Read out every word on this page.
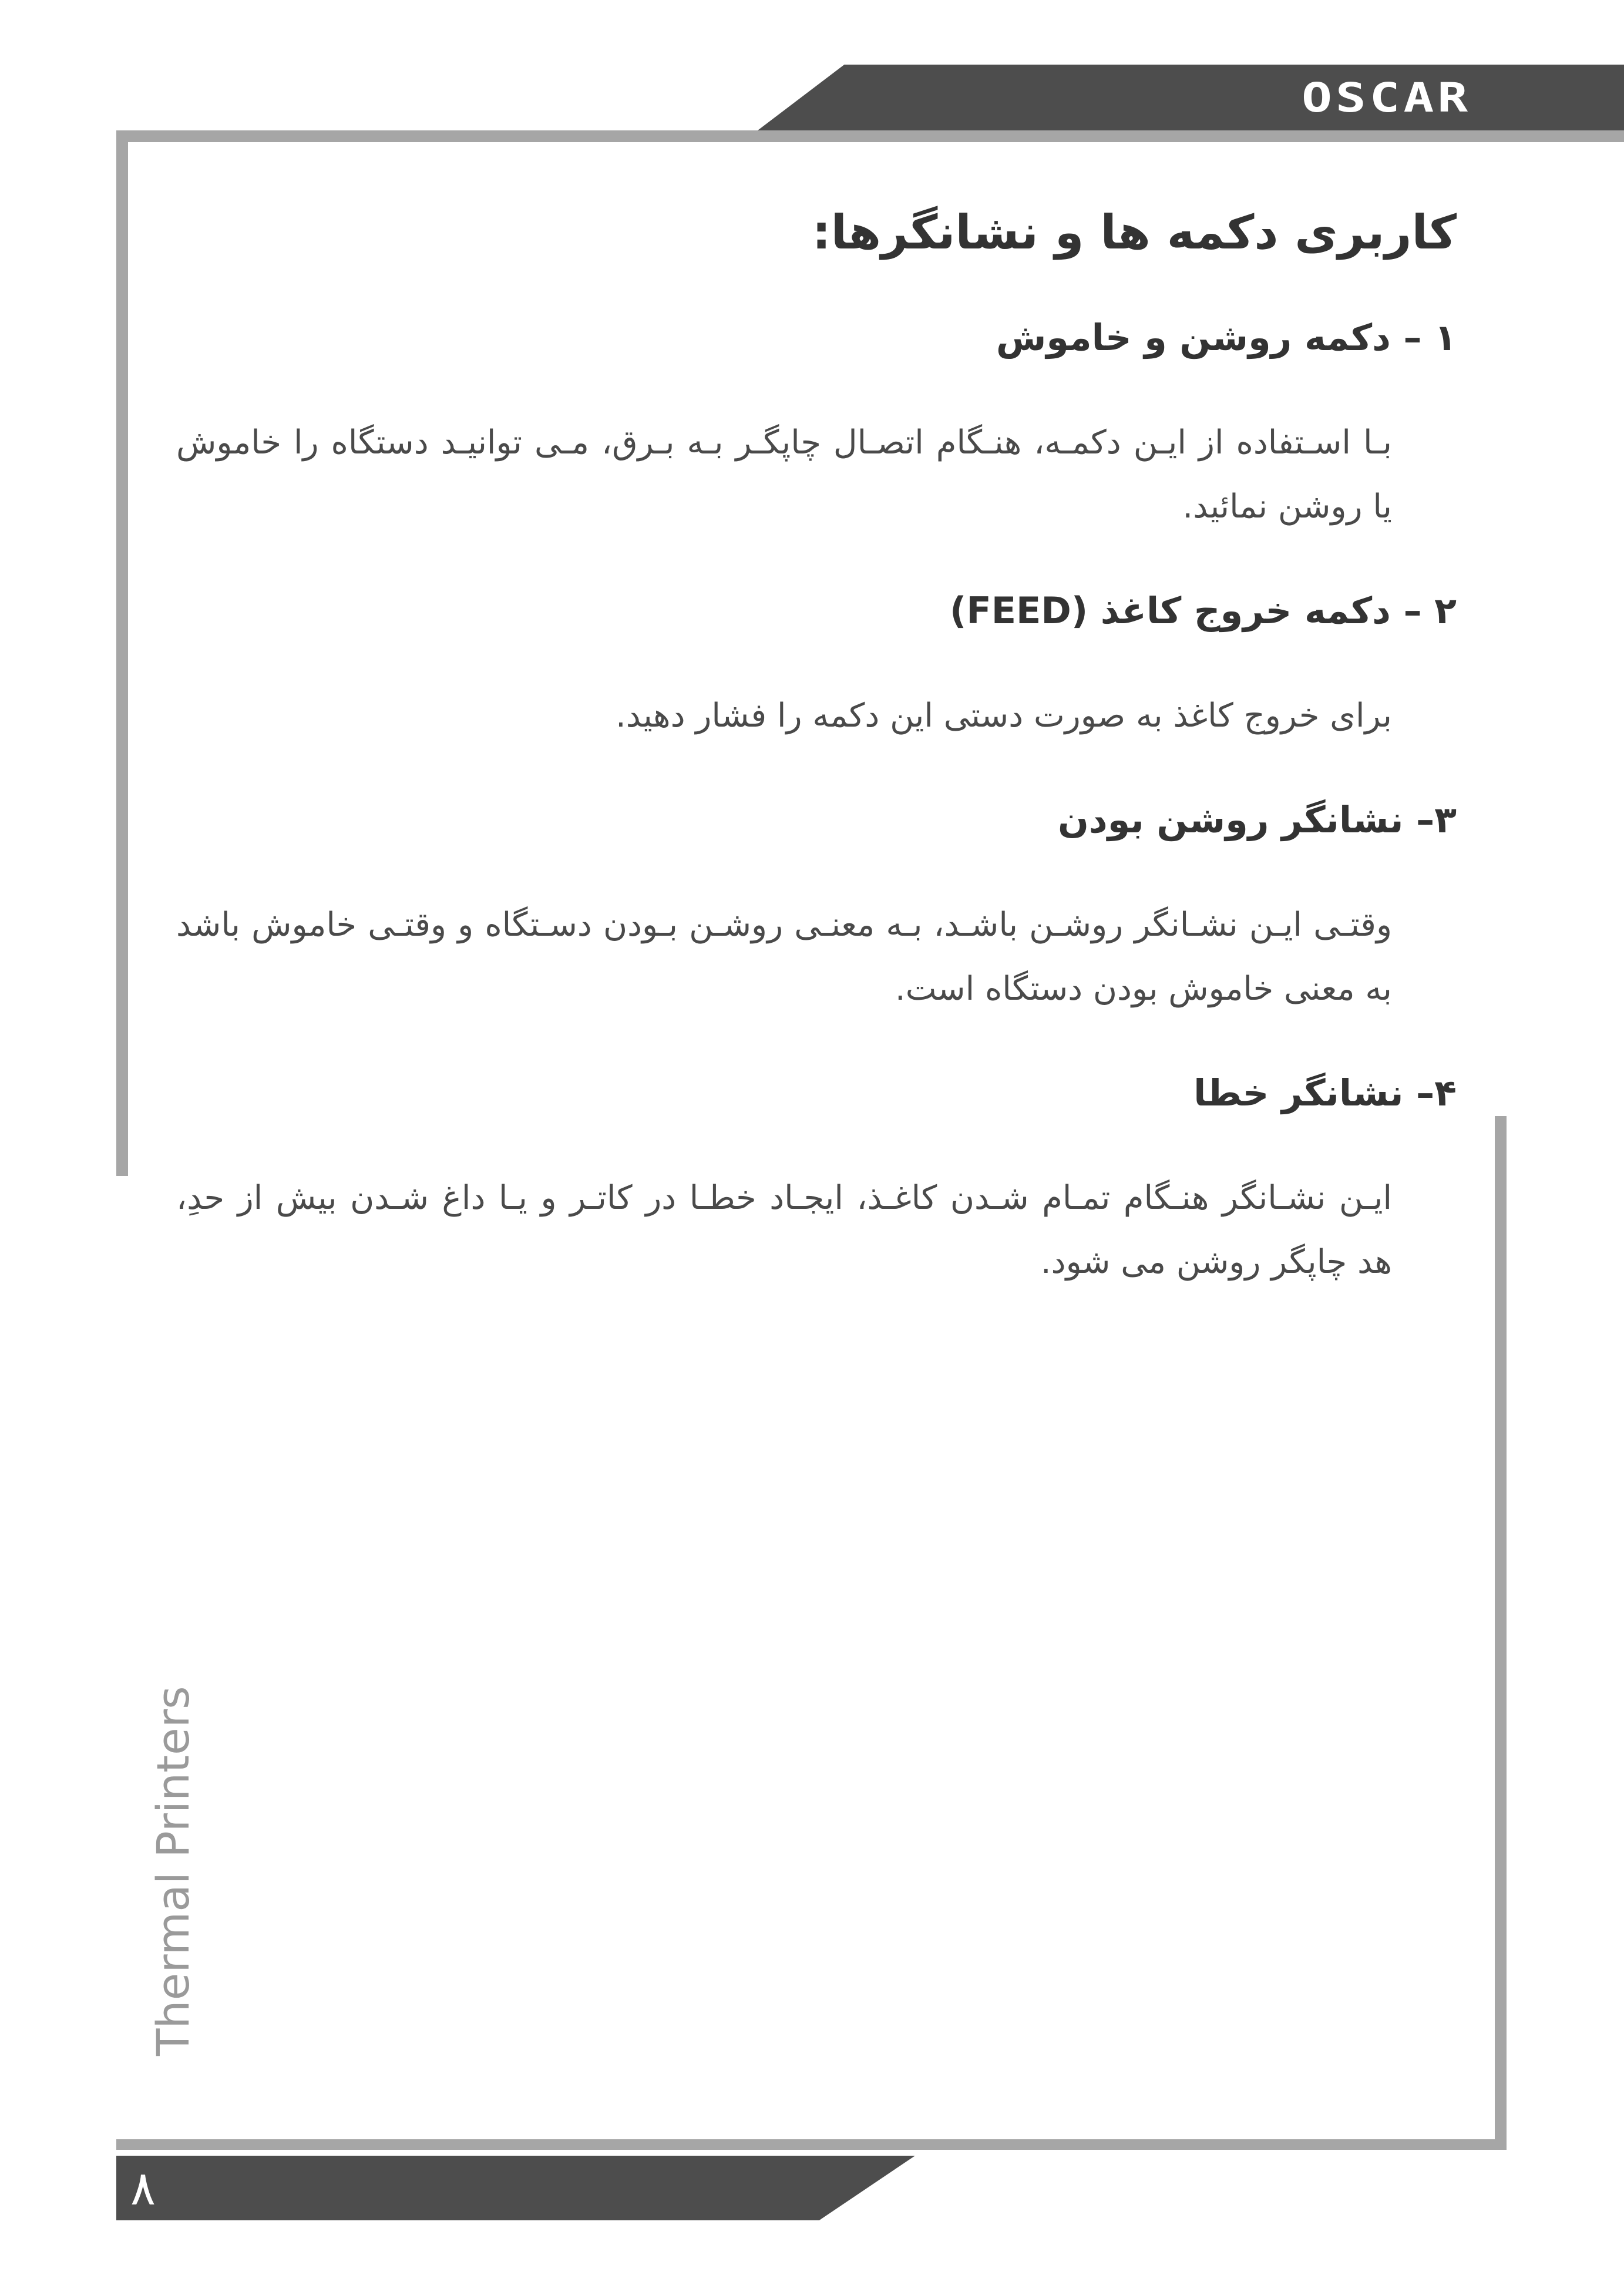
OSCAR
۸
Thermal Printers
کاربری دکمه ها و نشانگرها:
۱ – دکمه روشن و خاموش

بـا اسـتفاده از ایـن دکمـه، هنـگام اتصـال چاپگـر بـه بـرق، مـی توانیـد دستگاه را خاموش یا روشن نمائید.

۲ – دکمه خروج کاغذ (FEED)

برای خروج کاغذ به صورت دستی این دکمه را فشار دهید.

۳– نشانگر روشن بودن

وقتـی ایـن نشـانگر روشـن باشـد، بـه معنـی روشـن بـودن دسـتگاه و وقتـی خاموش باشد به معنی خاموش بودن دستگاه است.

۴– نشانگر خطا

ایـن نشـانگر هنـگام تمـام شـدن کاغـذ، ایجـاد خطـا در کاتـر و یـا داغ شـدن بیش از حدِ، هد چاپگر روشن می شود.
